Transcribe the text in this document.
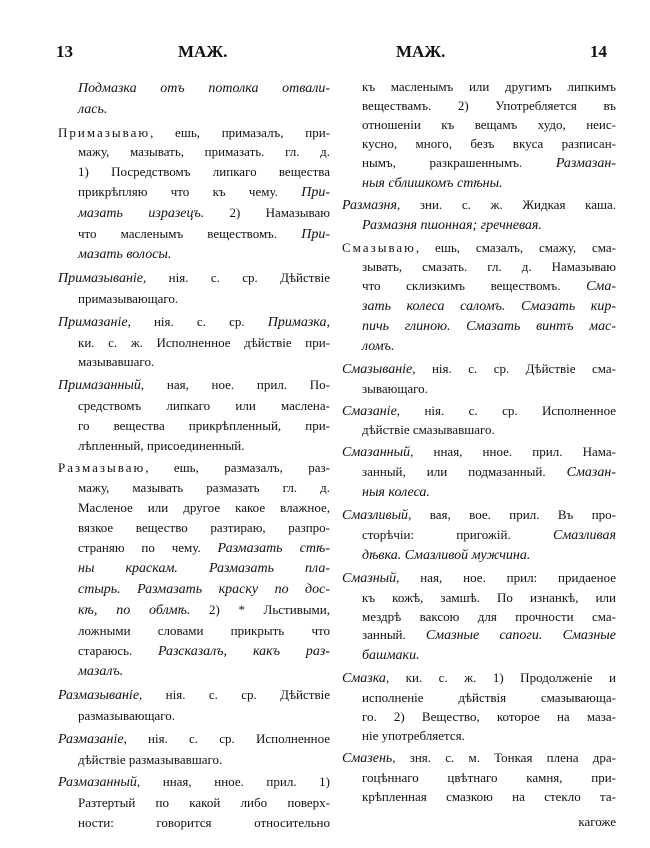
13	МАЖ.	МАЖ.	14
Подмазка отъ потолка отвали-
лась.
Примазываю, ешь, примазалъ, при-
мажу, мазывать, примазать. гл. д.
1) Посредствомъ липкаго вещества
прикрѣпляю что къ чему. При-
мазать изразецъ. 2) Намазываю
что масленымъ веществомъ. При-
мазать волосы.
Примазываніе, нія. с. ср. Дѣйствіе
примазывающаго.
Примазаніе, нія. с. ср. Примазка,
ки. с. ж. Исполненное дѣйствіе при-
мазывавшаго.
Примазанный, ная, ное. прил. По-
средствомъ липкаго или маслена-
го вещества прикрѣпленный, при-
лѣпленный, присоединенный.
Размазываю, ешь, размазалъ, раз-
мажу, мазывать размазать гл. д.
Масленое или другое какое влажное,
вязкое вещество разтираю, разпро-
страняю по чему. Размазать стѣ-
ны краскам. Размазать пла-
стырь. Размазать краску по дос-
кѣ, по облмѣ. 2) * Льстивыми,
ложными словами прикрыть что
стараюсь. Разсказалъ, какъ раз-
мазалъ.
Размазываніе, нія. с. ср. Дѣйствіе
размазывающаго.
Размазаніе, нія. с. ср. Исполненное
дѣйствіе размазывавшаго.
Размазанный, нная, нное. прил. 1)
Разтертый по какой либо поверх-
ности: говорится относительно
къ масленымъ или другимъ липкимъ
веществамъ. 2) Употребляется въ
отношеніи къ вещамъ худо, неис-
кусно, много, безъ вкуса разписан-
нымъ, разкрашеннымъ. Размазан-
ныя сблишкомъ стѣны.
Размазня, зни. с. ж. Жидкая каша.
Размазня пшонная; гречневая.
Смазываю, ешь, смазалъ, смажу, сма-
зывать, смазать. гл. д. Намазываю
что склизкимъ веществомъ. Сма-
зать колеса саломъ. Смазать кир-
пичь глиною. Смазать винтъ мас-
ломъ.
Смазываніе, нія. с. ср. Дѣйствіе сма-
зывающаго.
Смазаніе, нія. с. ср. Исполненное
дѣйствіе смазывавшаго.
Смазанный, нная, нное. прил. Нама-
занный, или подмазанный. Смазан-
ныя колеса.
Смазливый, вая, вое. прил. Въ про-
сторѣчіи: пригожій. Смазливая
дѣвка. Смазливой мужчина.
Смазный, ная, ное. прил: придаеное
къ кожѣ, замшѣ. По изнанкѣ, или
мездрѣ ваксою для прочности сма-
занный. Смазные сапоги. Смазные
башмаки.
Смазка, ки. с. ж. 1) Продолженіе и
исполненіе дѣйствія смазывающа-
го. 2) Вещество, которое на маза-
ніе употребляется.
Смазень, зня. с. м. Тонкая плена дра-
гоцѣннаго цвѣтнаго камня, при-
крѣпленная смазкою на стекло та-
кагоже
